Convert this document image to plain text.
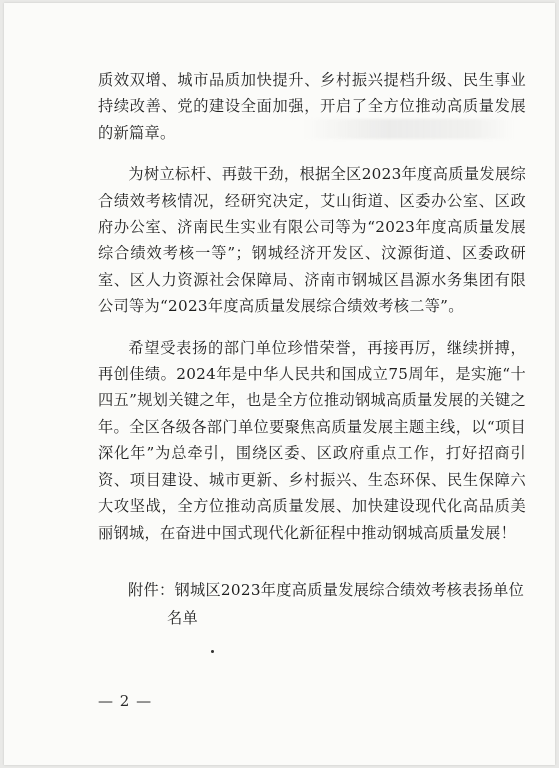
质效双增、城市品质加快提升、乡村振兴提档升级、民生事业持续改善、党的建设全面加强，开启了全方位推动高质量发展的新篇章。

为树立标杆、再鼓干劲，根据全区2023年度高质量发展综合绩效考核情况，经研究决定，艾山街道、区委办公室、区政府办公室、济南民生实业有限公司等为“2023年度高质量发展综合绩效考核一等”；钢城经济开发区、汶源街道、区委政研室、区人力资源社会保障局、济南市钢城区昌源水务集团有限公司等为“2023年度高质量发展综合绩效考核二等”。

希望受表扬的部门单位珍惜荣誉，再接再厉，继续拼搏，再创佳绩。2024年是中华人民共和国成立75周年，是实施“十四五”规划关键之年，也是全方位推动钢城高质量发展的关键之年。全区各级各部门单位要聚焦高质量发展主题主线，以“项目深化年”为总牵引，围绕区委、区政府重点工作，打好招商引资、项目建设、城市更新、乡村振兴、生态环保、民生保障六大攻坚战，全方位推动高质量发展、加快建设现代化高品质美丽钢城，在奋进中国式现代化新征程中推动钢城高质量发展！

附件：钢城区2023年度高质量发展综合绩效考核表扬单位
名单
— 2 —
